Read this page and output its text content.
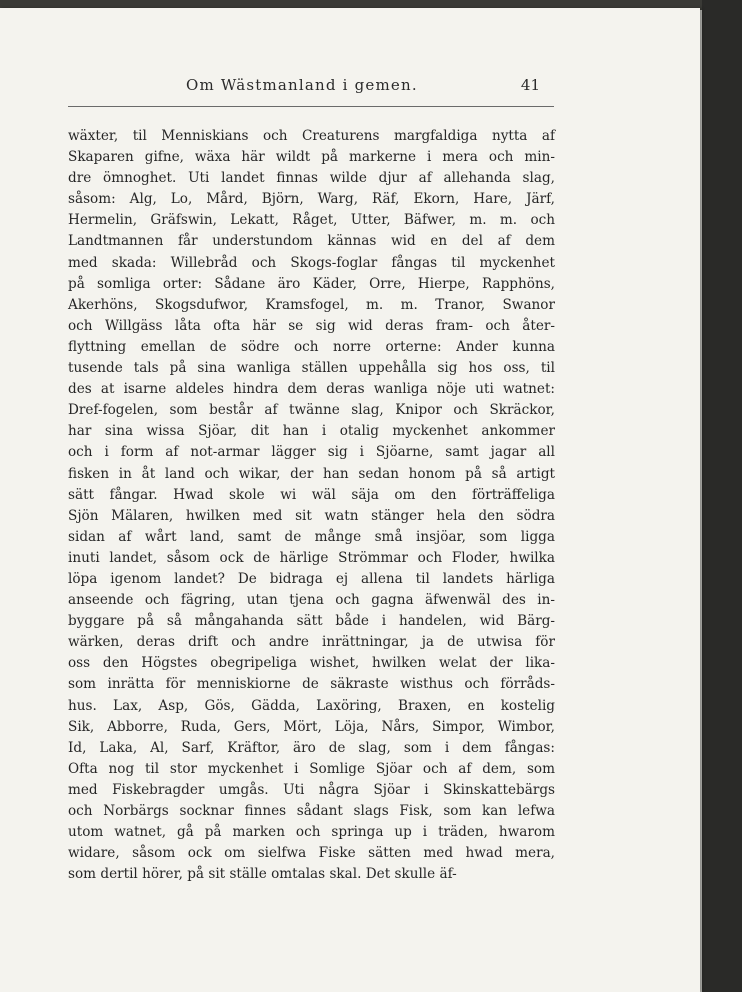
Om Wästmanland i gemen.	41
wäxter, til Menniskians och Creaturens margfaldiga nytta af
Skaparen gifne, wäxa här wildt på markerne i mera och min-
dre ömnoghet. Uti landet finnas wilde djur af allehanda slag,
såsom: Alg, Lo, Mård, Björn, Warg, Räf, Ekorn, Hare, Järf,
Hermelin, Gräfswin, Lekatt, Råget, Utter, Bäfwer, m. m. och
Landtmannen får understundom kännas wid en del af dem
med skada: Willebråd och Skogs-foglar fångas til myckenhet
på somliga orter: Sådane äro Käder, Orre, Hierpe, Rapphöns,
Akerhöns, Skogsdufwor, Kramsfogel, m. m. Tranor, Swanor
och Willgäss låta ofta här se sig wid deras fram- och åter-
flyttning emellan de södre och norre orterne: Ander kunna
tusende tals på sina wanliga ställen uppehålla sig hos oss, til
des at isarne aldeles hindra dem deras wanliga nöje uti watnet:
Dref-fogelen, som består af twänne slag, Knipor och Skräckor,
har sina wissa Sjöar, dit han i otalig myckenhet ankommer
och i form af not-armar lägger sig i Sjöarne, samt jagar all
fisken in åt land och wikar, der han sedan honom på så artigt
sätt fångar. Hwad skole wi wäl säja om den förträffeliga
Sjön Mälaren, hwilken med sit watn stänger hela den södra
sidan af wårt land, samt de månge små insjöar, som ligga
inuti landet, såsom ock de härlige Strömmar och Floder, hwilka
löpa igenom landet? De bidraga ej allena til landets härliga
anseende och fägring, utan tjena och gagna äfwenwäl des in-
byggare på så mångahanda sätt både i handelen, wid Bärg-
wärken, deras drift och andre inrättningar, ja de utwisa för
oss den Högstes obegripeliga wishet, hwilken welat der lika-
som inrätta för menniskiorne de säkraste wisthus och förråds-
hus. Lax, Asp, Gös, Gädda, Laxöring, Braxen, en kostelig
Sik, Abborre, Ruda, Gers, Mört, Löja, Nårs, Simpor, Wimbor,
Id, Laka, Al, Sarf, Kräftor, äro de slag, som i dem fångas:
Ofta nog til stor myckenhet i Somlige Sjöar och af dem, som
med Fiskebragder umgås. Uti några Sjöar i Skinskattebärgs
och Norbärgs socknar finnes sådant slags Fisk, som kan lefwa
utom watnet, gå på marken och springa up i träden, hwarom
widare, såsom ock om sielfwa Fiske sätten med hwad mera,
som dertil hörer, på sit ställe omtalas skal. Det skulle äf-
